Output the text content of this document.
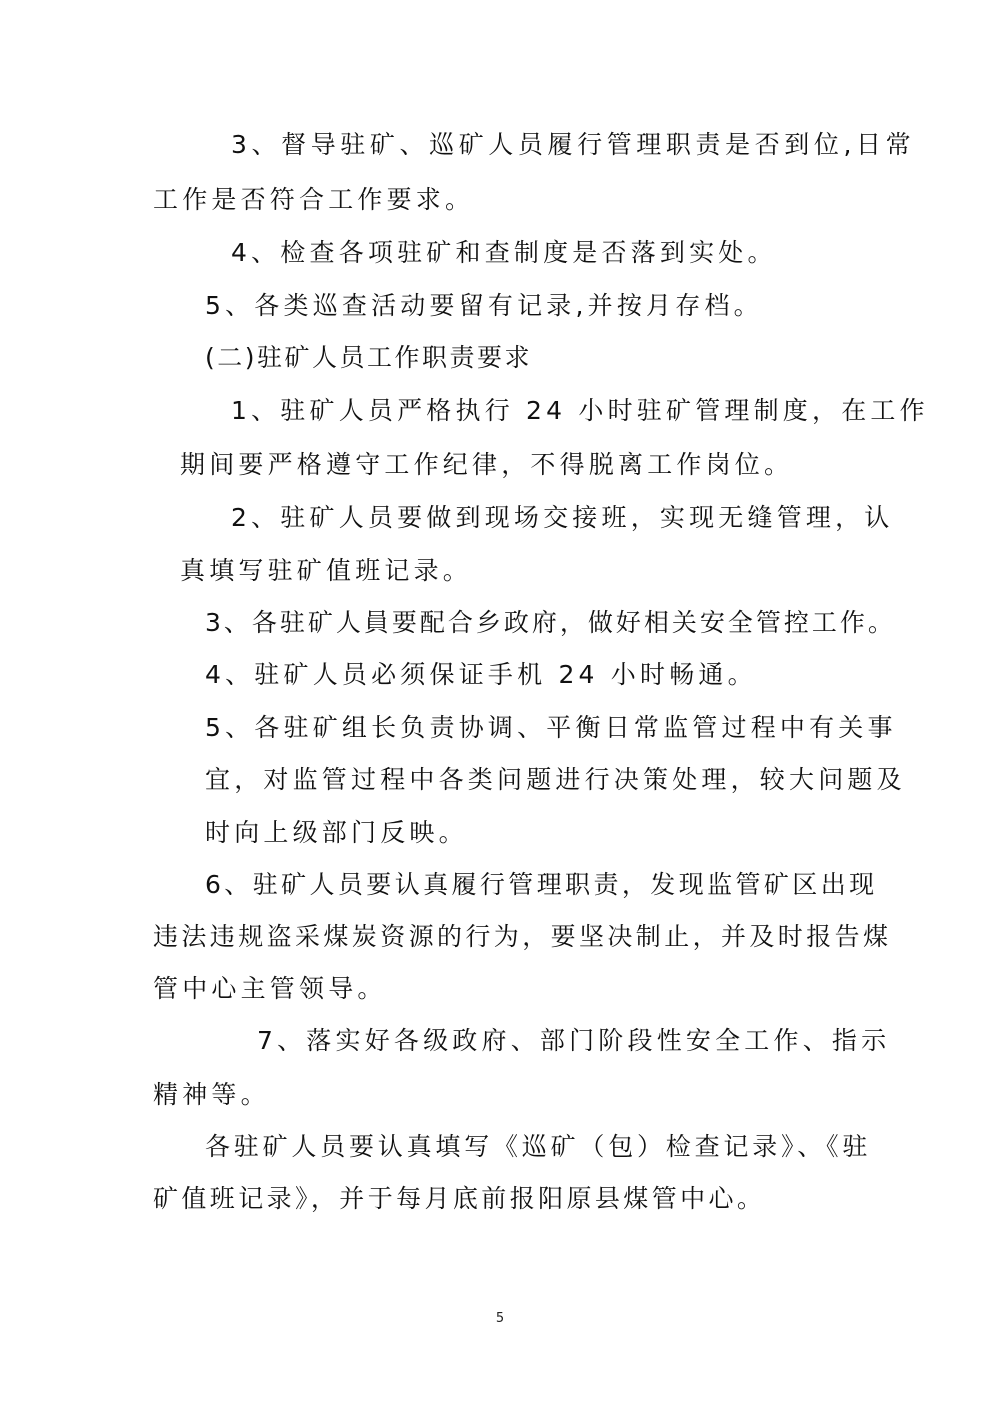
3、督导驻矿、巡矿人员履行管理职责是否到位,日常
工作是否符合工作要求。
4、检查各项驻矿和查制度是否落到实处。
5、各类巡查活动要留有记录,并按月存档。
(二)驻矿人员工作职责要求
1、驻矿人员严格执行 24 小时驻矿管理制度，在工作
期间要严格遵守工作纪律，不得脱离工作岗位。
2、驻矿人员要做到现场交接班，实现无缝管理，认
真填写驻矿值班记录。
3、各驻矿人員要配合乡政府，做好相关安全管控工作。
4、驻矿人员必须保证手机 24 小时畅通。
5、各驻矿组长负责协调、平衡日常监管过程中有关事
宜，对监管过程中各类问题进行决策处理，较大问题及
时向上级部门反映。
6、驻矿人员要认真履行管理职责，发现监管矿区出现
违法违规盗采煤炭资源的行为，要坚决制止，并及时报告煤
管中心主管领导。
7、落实好各级政府、部门阶段性安全工作、指示
精神等。
各驻矿人员要认真填写《巡矿（包）检查记录》、《驻
矿值班记录》，并于每月底前报阳原县煤管中心。
5
